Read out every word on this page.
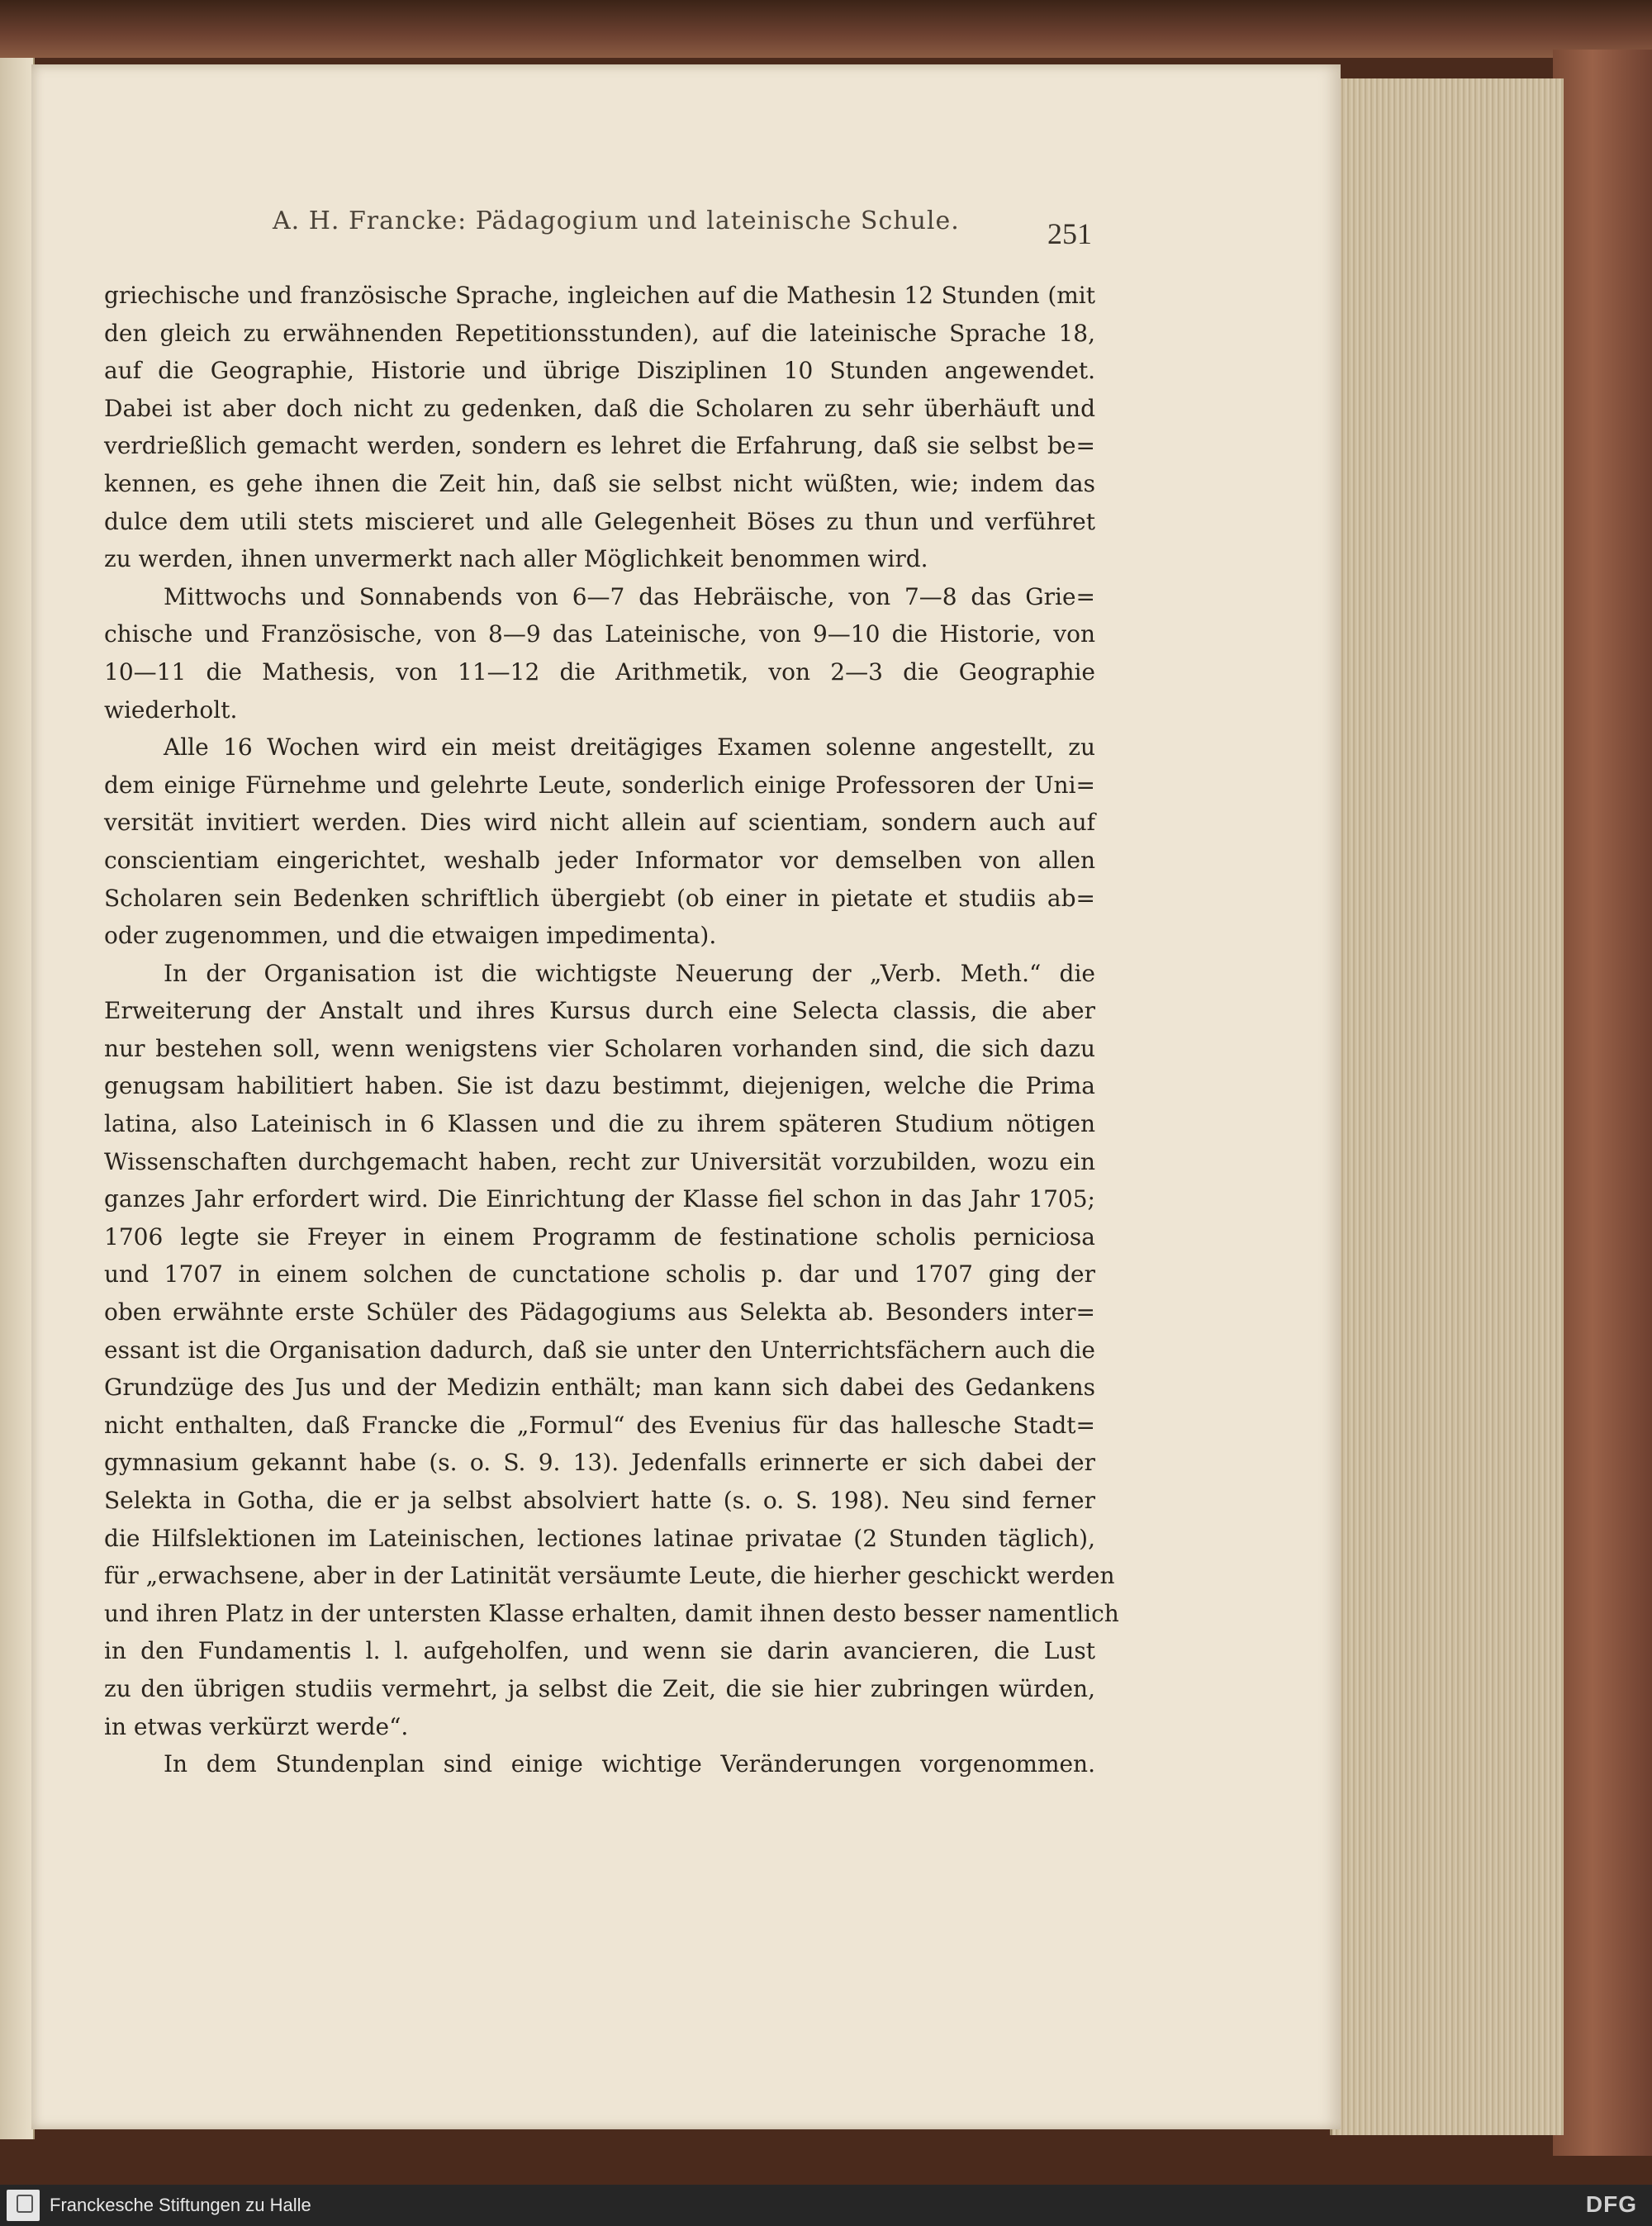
A. H. Francke: Pädagogium und lateinische Schule.	251
griechische und französische Sprache, ingleichen auf die Mathesin 12 Stunden (mit
den gleich zu erwähnenden Repetitionsstunden), auf die lateinische Sprache 18,
auf die Geographie, Historie und übrige Disziplinen 10 Stunden angewendet.
Dabei ist aber doch nicht zu gedenken, daß die Scholaren zu sehr überhäuft und
verdrießlich gemacht werden, sondern es lehret die Erfahrung, daß sie selbst be=
kennen, es gehe ihnen die Zeit hin, daß sie selbst nicht wüßten, wie; indem das
dulce dem utili stets miscieret und alle Gelegenheit Böses zu thun und verführet
zu werden, ihnen unvermerkt nach aller Möglichkeit benommen wird.
Mittwochs und Sonnabends von 6—7 das Hebräische, von 7—8 das Grie=
chische und Französische, von 8—9 das Lateinische, von 9—10 die Historie, von
10—11 die Mathesis, von 11—12 die Arithmetik, von 2—3 die Geographie
wiederholt.
Alle 16 Wochen wird ein meist dreitägiges Examen solenne angestellt, zu
dem einige Fürnehme und gelehrte Leute, sonderlich einige Professoren der Uni=
versität invitiert werden. Dies wird nicht allein auf scientiam, sondern auch auf
conscientiam eingerichtet, weshalb jeder Informator vor demselben von allen
Scholaren sein Bedenken schriftlich übergiebt (ob einer in pietate et studiis ab=
oder zugenommen, und die etwaigen impedimenta).
In der Organisation ist die wichtigste Neuerung der „Verb. Meth.“ die
Erweiterung der Anstalt und ihres Kursus durch eine Selecta classis, die aber
nur bestehen soll, wenn wenigstens vier Scholaren vorhanden sind, die sich dazu
genugsam habilitiert haben. Sie ist dazu bestimmt, diejenigen, welche die Prima
latina, also Lateinisch in 6 Klassen und die zu ihrem späteren Studium nötigen
Wissenschaften durchgemacht haben, recht zur Universität vorzubilden, wozu ein
ganzes Jahr erfordert wird. Die Einrichtung der Klasse fiel schon in das Jahr 1705;
1706 legte sie Freyer in einem Programm de festinatione scholis perniciosa
und 1707 in einem solchen de cunctatione scholis p. dar und 1707 ging der
oben erwähnte erste Schüler des Pädagogiums aus Selekta ab. Besonders inter=
essant ist die Organisation dadurch, daß sie unter den Unterrichtsfächern auch die
Grundzüge des Jus und der Medizin enthält; man kann sich dabei des Gedankens
nicht enthalten, daß Francke die „Formul“ des Evenius für das hallesche Stadt=
gymnasium gekannt habe (s. o. S. 9. 13). Jedenfalls erinnerte er sich dabei der
Selekta in Gotha, die er ja selbst absolviert hatte (s. o. S. 198). Neu sind ferner
die Hilfslektionen im Lateinischen, lectiones latinae privatae (2 Stunden täglich),
für „erwachsene, aber in der Latinität versäumte Leute, die hierher geschickt werden
und ihren Platz in der untersten Klasse erhalten, damit ihnen desto besser namentlich
in den Fundamentis l. l. aufgeholfen, und wenn sie darin avancieren, die Lust
zu den übrigen studiis vermehrt, ja selbst die Zeit, die sie hier zubringen würden,
in etwas verkürzt werde“.
In dem Stundenplan sind einige wichtige Veränderungen vorgenommen.
Franckesche Stiftungen zu Halle	DFG
